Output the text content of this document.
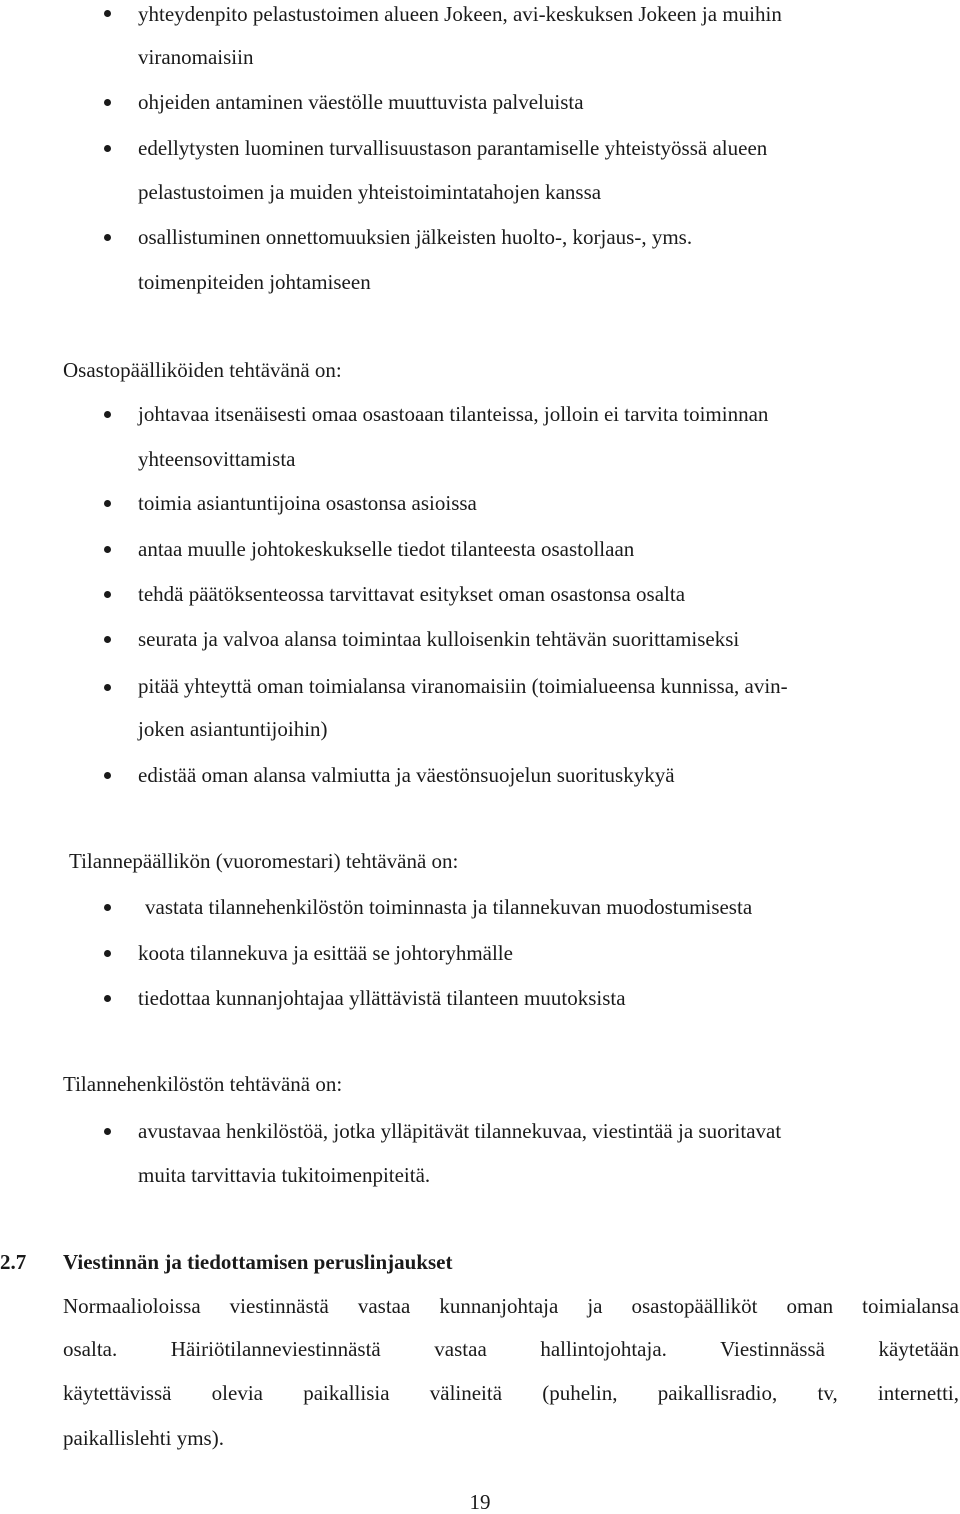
yhteydenpito pelastustoimen alueen Jokeen, avi-keskuksen Jokeen ja muihin
viranomaisiin
ohjeiden antaminen väestölle muuttuvista palveluista
edellytysten luominen turvallisuustason parantamiselle yhteistyössä alueen
pelastustoimen ja muiden yhteistoimintatahojen kanssa
osallistuminen onnettomuuksien jälkeisten huolto-, korjaus-, yms.
toimenpiteiden johtamiseen
Osastopäälliköiden tehtävänä on:
johtavaa itsenäisesti omaa osastoaan tilanteissa, jolloin ei tarvita toiminnan
yhteensovittamista
toimia asiantuntijoina osastonsa asioissa
antaa muulle johtokeskukselle tiedot tilanteesta osastollaan
tehdä päätöksenteossa tarvittavat esitykset oman osastonsa osalta
seurata ja valvoa alansa toimintaa kulloisenkin tehtävän suorittamiseksi
pitää yhteyttä oman toimialansa viranomaisiin (toimialueensa kunnissa, avin-
joken asiantuntijoihin)
edistää oman alansa valmiutta ja väestönsuojelun suorituskykyä
Tilannepäällikön (vuoromestari) tehtävänä on:
vastata tilannehenkilöstön toiminnasta ja tilannekuvan muodostumisesta
koota tilannekuva ja esittää se johtoryhmälle
tiedottaa kunnanjohtajaa yllättävistä tilanteen muutoksista
Tilannehenkilöstön tehtävänä on:
avustavaa henkilöstöä, jotka ylläpitävät tilannekuvaa, viestintää ja suoritavat
muita tarvittavia tukitoimenpiteitä.
2.7 Viestinnän ja tiedottamisen peruslinjaukset
Normaalioloissa viestinnästä vastaa kunnanjohtaja ja osastopäälliköt oman toimialansa
osalta. Häiriötilanneviestinnästä vastaa hallintojohtaja. Viestinnässä käytetään
käytettävissä olevia paikallisia välineitä (puhelin, paikallisradio, tv, internetti,
paikallislehti yms).
19
